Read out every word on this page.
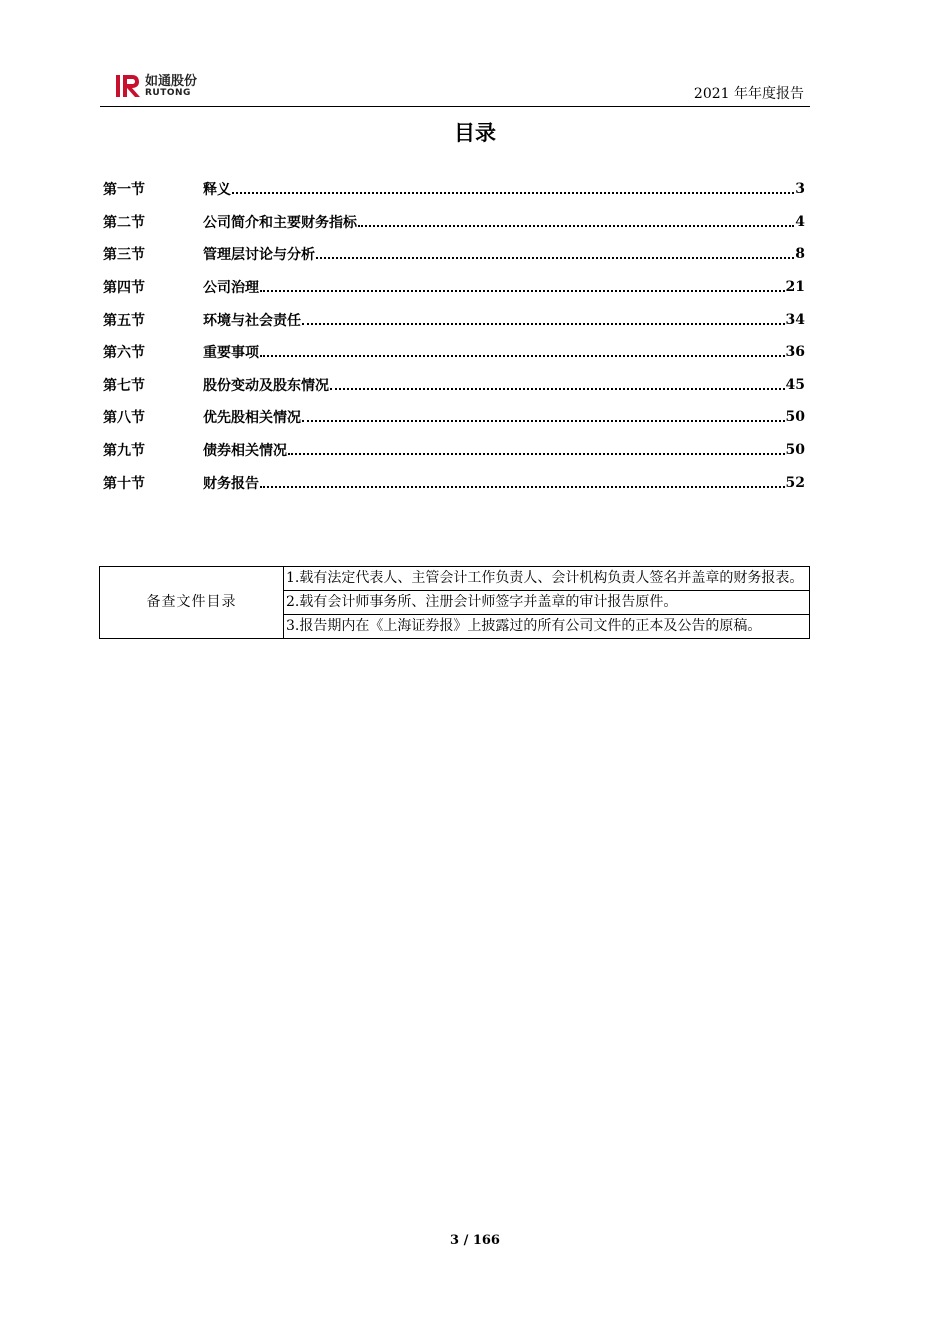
如通股份
RUTONG	2021 年年度报告
目录
第一节	释义	3
第二节	公司简介和主要财务指标	4
第三节	管理层讨论与分析	8
第四节	公司治理	21
第五节	环境与社会责任	34
第六节	重要事项	36
第七节	股份变动及股东情况	45
第八节	优先股相关情况	50
第九节	债券相关情况	50
第十节	财务报告	52
备查文件目录	1.载有法定代表人、主管会计工作负责人、会计机构负责人签名并盖章的财务报表。
2.载有会计师事务所、注册会计师签字并盖章的审计报告原件。
3.报告期内在《上海证券报》上披露过的所有公司文件的正本及公告的原稿。
3 / 166
